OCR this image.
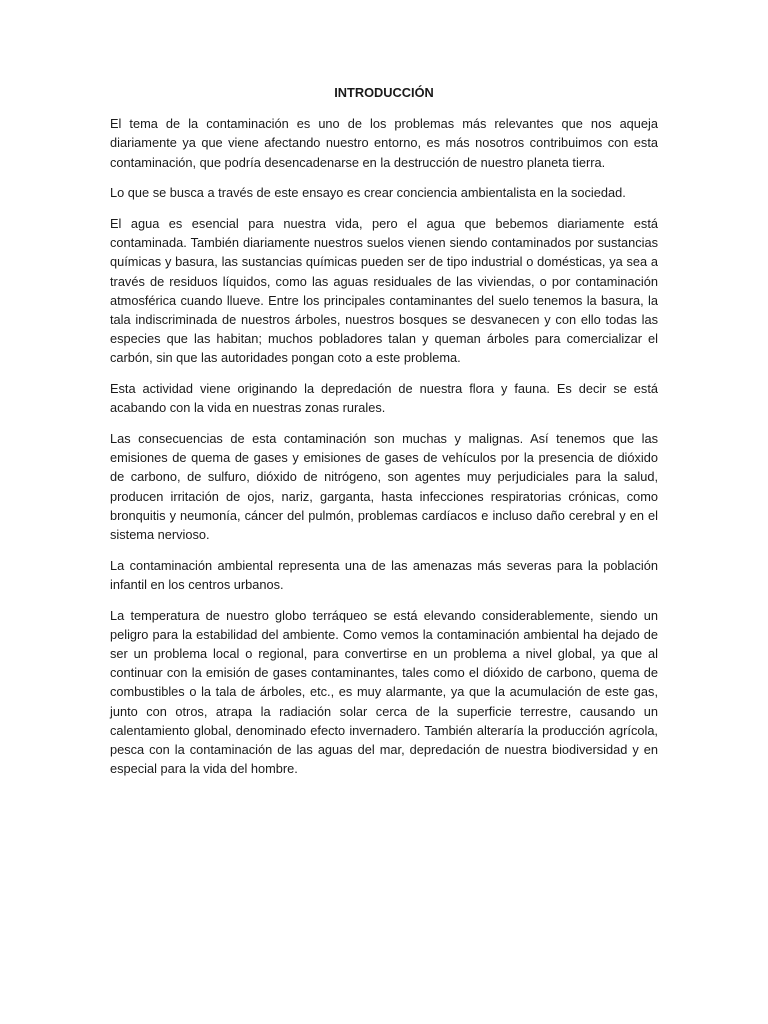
INTRODUCCIÓN

El tema de la contaminación es uno de los problemas más relevantes que nos aqueja diariamente ya que viene afectando nuestro entorno, es más nosotros contribuimos con esta contaminación, que podría desencadenarse en la destrucción de nuestro planeta tierra.

Lo que se busca a través de este ensayo es crear conciencia ambientalista en la sociedad.

El agua es esencial para nuestra vida, pero el agua que bebemos diariamente está contaminada. También diariamente nuestros suelos vienen siendo contaminados por sustancias químicas y basura, las sustancias químicas pueden ser de tipo industrial o domésticas, ya sea a través de residuos líquidos, como las aguas residuales de las viviendas, o por contaminación atmosférica cuando llueve. Entre los principales contaminantes del suelo tenemos la basura, la tala indiscriminada de nuestros árboles, nuestros bosques se desvanecen y con ello todas las especies que las habitan; muchos pobladores talan y queman árboles para comercializar el carbón, sin que las autoridades pongan coto a este problema.

Esta actividad viene originando la depredación de nuestra flora y fauna. Es decir se está acabando con la vida en nuestras zonas rurales.

Las consecuencias de esta contaminación son muchas y malignas. Así tenemos que las emisiones de quema de gases y emisiones de gases de vehículos por la presencia de dióxido de carbono, de sulfuro, dióxido de nitrógeno, son agentes muy perjudiciales para la salud, producen irritación de ojos, nariz, garganta, hasta infecciones respiratorias crónicas, como bronquitis y neumonía, cáncer del pulmón, problemas cardíacos e incluso daño cerebral y en el sistema nervioso.

La contaminación ambiental representa una de las amenazas más severas para la población infantil en los centros urbanos.

La temperatura de nuestro globo terráqueo se está elevando considerablemente, siendo un peligro para la estabilidad del ambiente. Como vemos la contaminación ambiental ha dejado de ser un problema local o regional, para convertirse en un problema a nivel global, ya que al continuar con la emisión de gases contaminantes, tales como el dióxido de carbono, quema de combustibles o la tala de árboles, etc., es muy alarmante, ya que la acumulación de este gas, junto con otros, atrapa la radiación solar cerca de la superficie terrestre, causando un calentamiento global, denominado efecto invernadero. También alteraría la producción agrícola, pesca con la contaminación de las aguas del mar, depredación de nuestra biodiversidad y en especial para la vida del hombre.
